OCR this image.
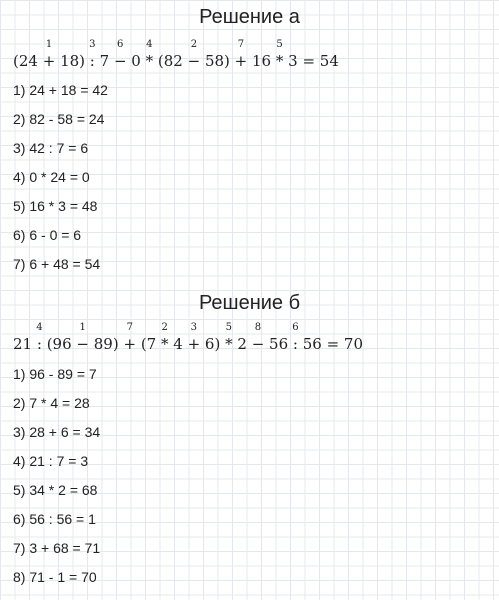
Решение а
(24 +
1
18) :
3
7 −
6
0 *
4
(82 −
2
58) +
7
16 *
5
3 = 54
1) 24 + 18 = 42
2) 82 - 58 = 24
3) 42 : 7 = 6
4) 0 * 24 = 0
5) 16 * 3 = 48
6) 6 - 0 = 6
7) 6 + 48 = 54
Решение б
21 :
4
(96 −
1
89) +
7
(7 *
2
4 +
3
6) *
5
2 −
8
56 :
6
56 = 70
1) 96 - 89 = 7
2) 7 * 4 = 28
3) 28 + 6 = 34
4) 21 : 7 = 3
5) 34 * 2 = 68
6) 56 : 56 = 1
7) 3 + 68 = 71
8) 71 - 1 = 70
